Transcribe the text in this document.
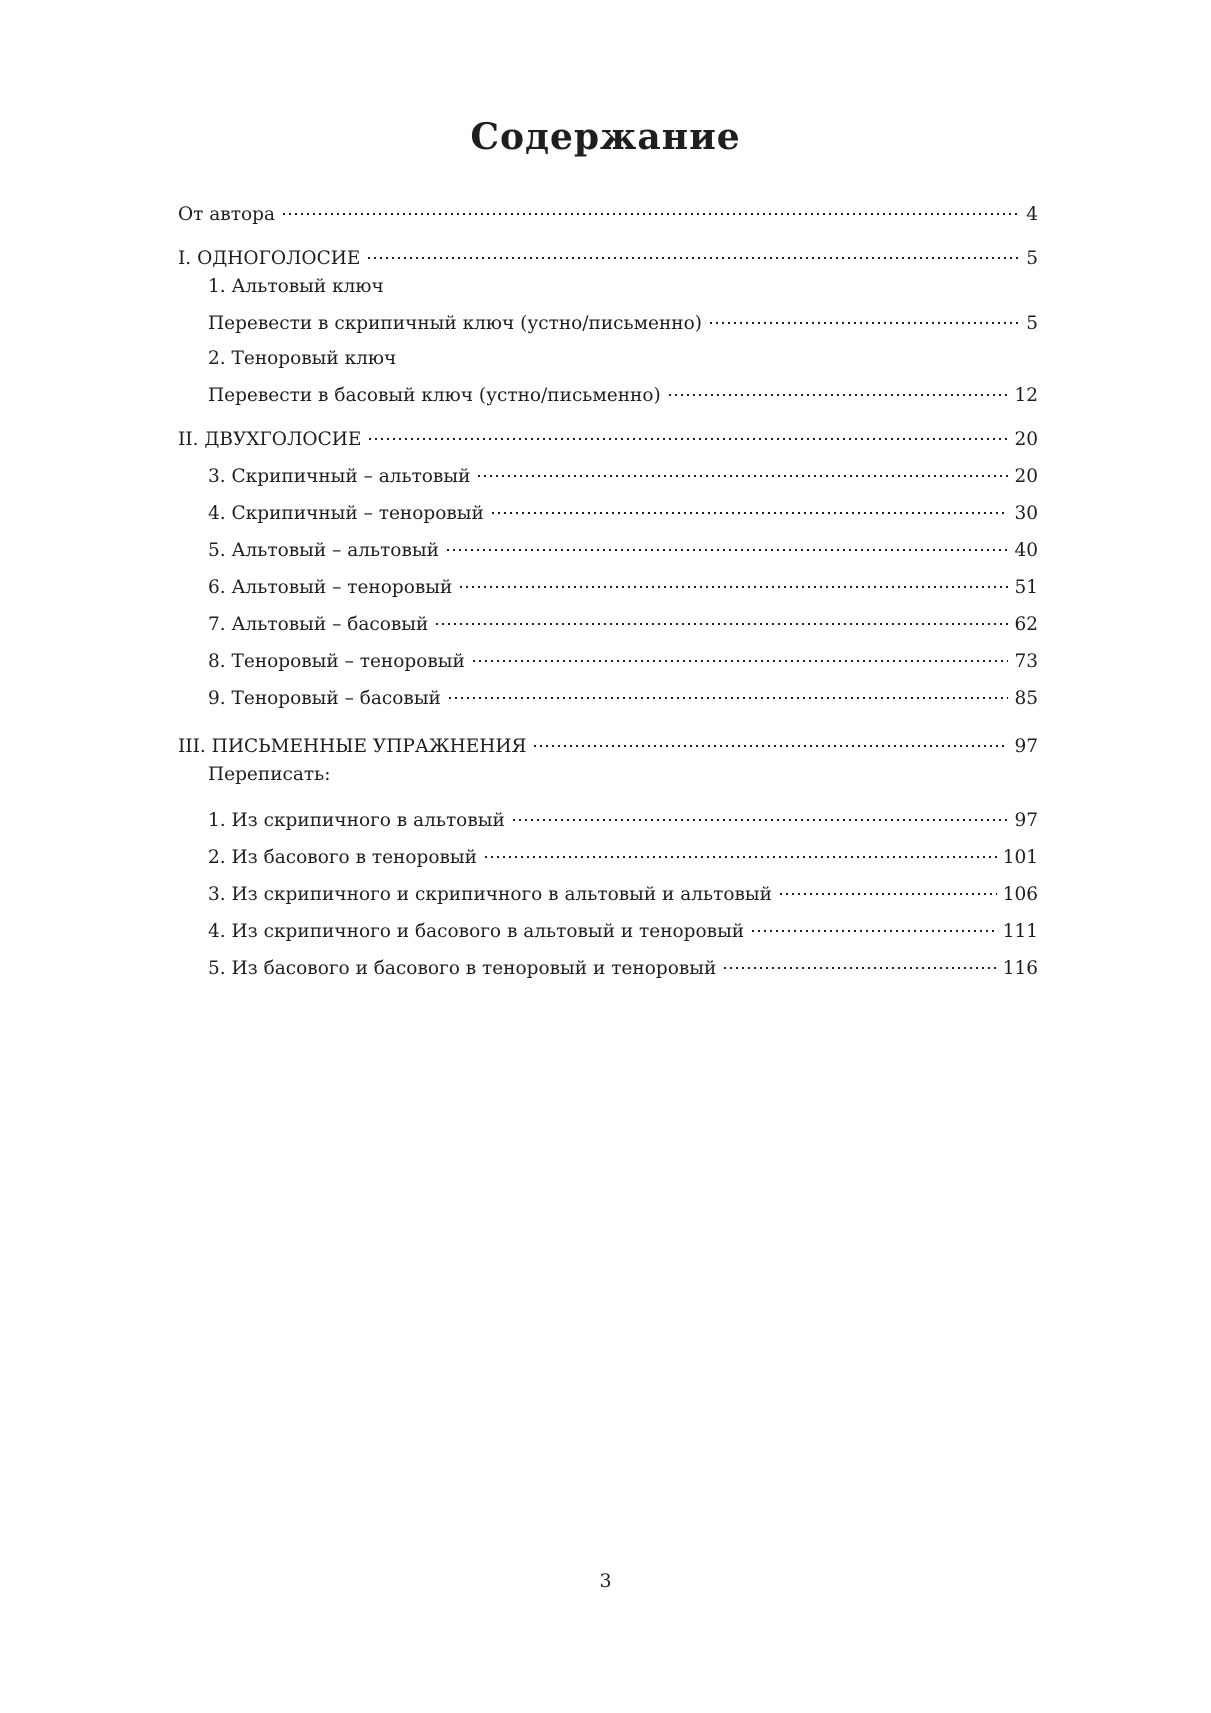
Содержание
От автора	4
I. ОДНОГОЛОСИЕ	5
1. Альтовый ключ
Перевести в скрипичный ключ (устно/письменно)	5
2. Теноровый ключ
Перевести в басовый ключ (устно/письменно)	12
II. ДВУХГОЛОСИЕ	20
3. Скрипичный – альтовый	20
4. Скрипичный – теноровый	30
5. Альтовый – альтовый	40
6. Альтовый – теноровый	51
7. Альтовый – басовый	62
8. Теноровый – теноровый	73
9. Теноровый – басовый	85
III. ПИСЬМЕННЫЕ УПРАЖНЕНИЯ	97
Переписать:
1. Из скрипичного в альтовый	97
2. Из басового в теноровый	101
3. Из скрипичного и скрипичного в альтовый и альтовый	106
4. Из скрипичного и басового в альтовый и теноровый	111
5. Из басового и басового в теноровый и теноровый	116
3
